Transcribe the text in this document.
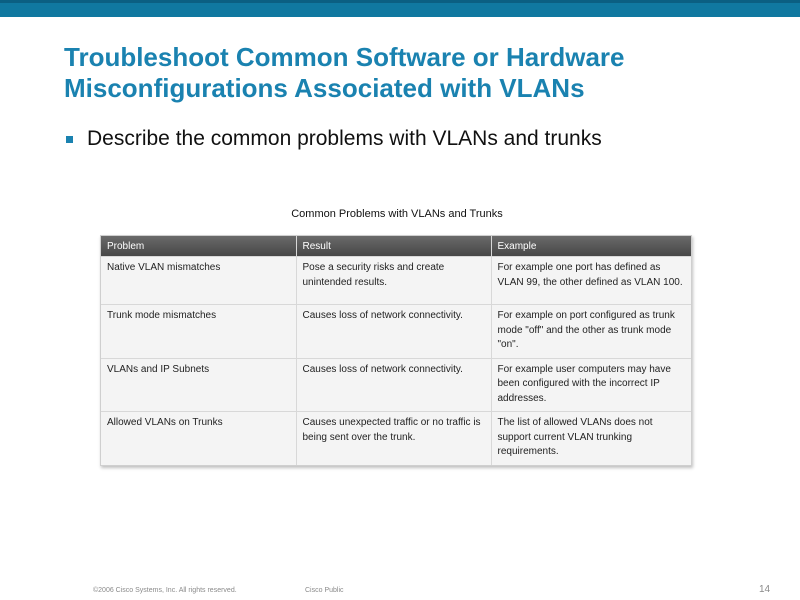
Troubleshoot Common Software or Hardware
Misconfigurations Associated with VLANs
Describe the common problems with VLANs and trunks
Common Problems with VLANs and Trunks
Problem	Result	Example
Native VLAN mismatches	Pose a security risks and create unintended results.	For example one port has defined as VLAN 99, the other defined as VLAN 100.
Trunk mode mismatches	Causes loss of network connectivity.	For example on port configured as trunk mode "off" and the other as trunk mode "on".
VLANs and IP Subnets	Causes loss of network connectivity.	For example user computers may have been configured with the incorrect IP addresses.
Allowed VLANs on Trunks	Causes unexpected traffic or no traffic is being sent over the trunk.	The list of allowed VLANs does not support current VLAN trunking requirements.
©2006 Cisco Systems, Inc. All rights reserved.	Cisco Public	14
